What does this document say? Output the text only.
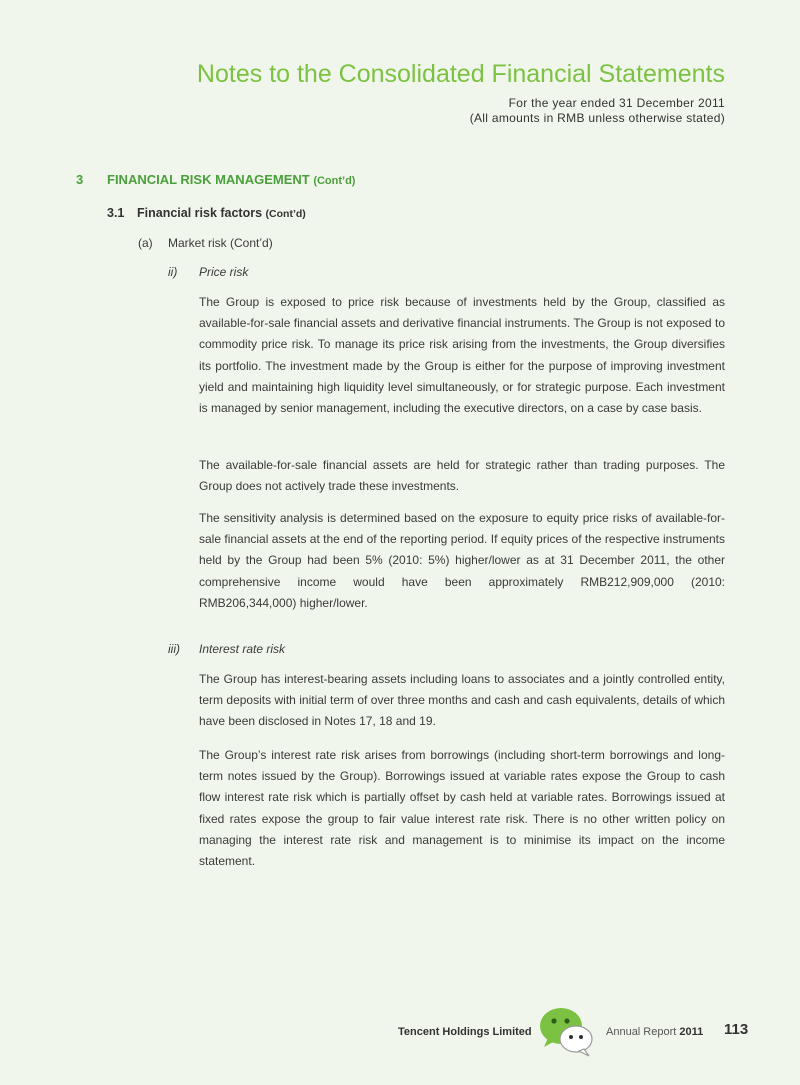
Notes to the Consolidated Financial Statements
For the year ended 31 December 2011
(All amounts in RMB unless otherwise stated)
3 FINANCIAL RISK MANAGEMENT (Cont’d)
3.1 Financial risk factors (Cont’d)
(a) Market risk (Cont’d)
ii) Price risk

The Group is exposed to price risk because of investments held by the Group, classified as available-for-sale financial assets and derivative financial instruments. The Group is not exposed to commodity price risk. To manage its price risk arising from the investments, the Group diversifies its portfolio. The investment made by the Group is either for the purpose of improving investment yield and maintaining high liquidity level simultaneously, or for strategic purpose. Each investment is managed by senior management, including the executive directors, on a case by case basis.

The available-for-sale financial assets are held for strategic rather than trading purposes. The Group does not actively trade these investments.

The sensitivity analysis is determined based on the exposure to equity price risks of available-for-sale financial assets at the end of the reporting period. If equity prices of the respective instruments held by the Group had been 5% (2010: 5%) higher/lower as at 31 December 2011, the other comprehensive income would have been approximately RMB212,909,000 (2010: RMB206,344,000) higher/lower.

iii) Interest rate risk

The Group has interest-bearing assets including loans to associates and a jointly controlled entity, term deposits with initial term of over three months and cash and cash equivalents, details of which have been disclosed in Notes 17, 18 and 19.

The Group’s interest rate risk arises from borrowings (including short-term borrowings and long-term notes issued by the Group). Borrowings issued at variable rates expose the Group to cash flow interest rate risk which is partially offset by cash held at variable rates. Borrowings issued at fixed rates expose the group to fair value interest rate risk. There is no other written policy on managing the interest rate risk and management is to minimise its impact on the income statement.

Tencent Holdings Limited	Annual Report 2011 113
